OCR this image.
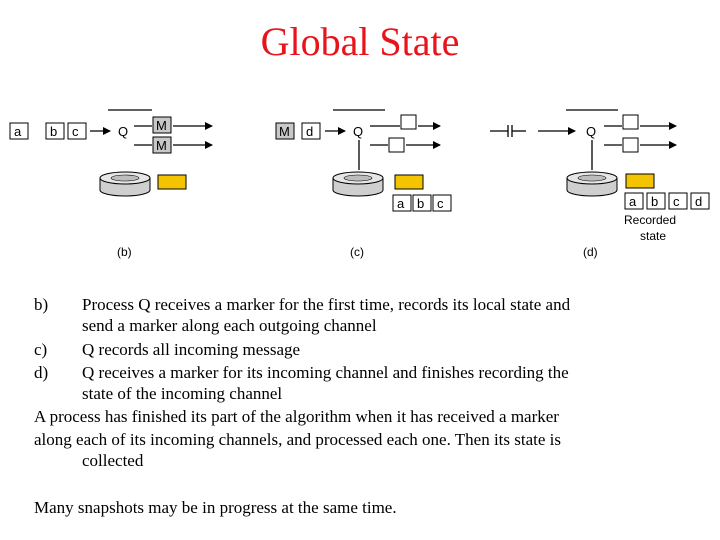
Global State
a b c	Q M
M
(b)
M d	Q
a b c
(c)
Q
a b c d
Recorded
state
(d)
b) Process Q receives a marker for the first time, records its local state and
send a marker along each outgoing channel
c) Q records all incoming message
d) Q receives a marker for its incoming channel and finishes recording the
state of the incoming channel
A process has finished its part of the algorithm when it has received a marker
along each of its incoming channels, and processed each one. Then its state is
collected
Many snapshots may be in progress at the same time.
